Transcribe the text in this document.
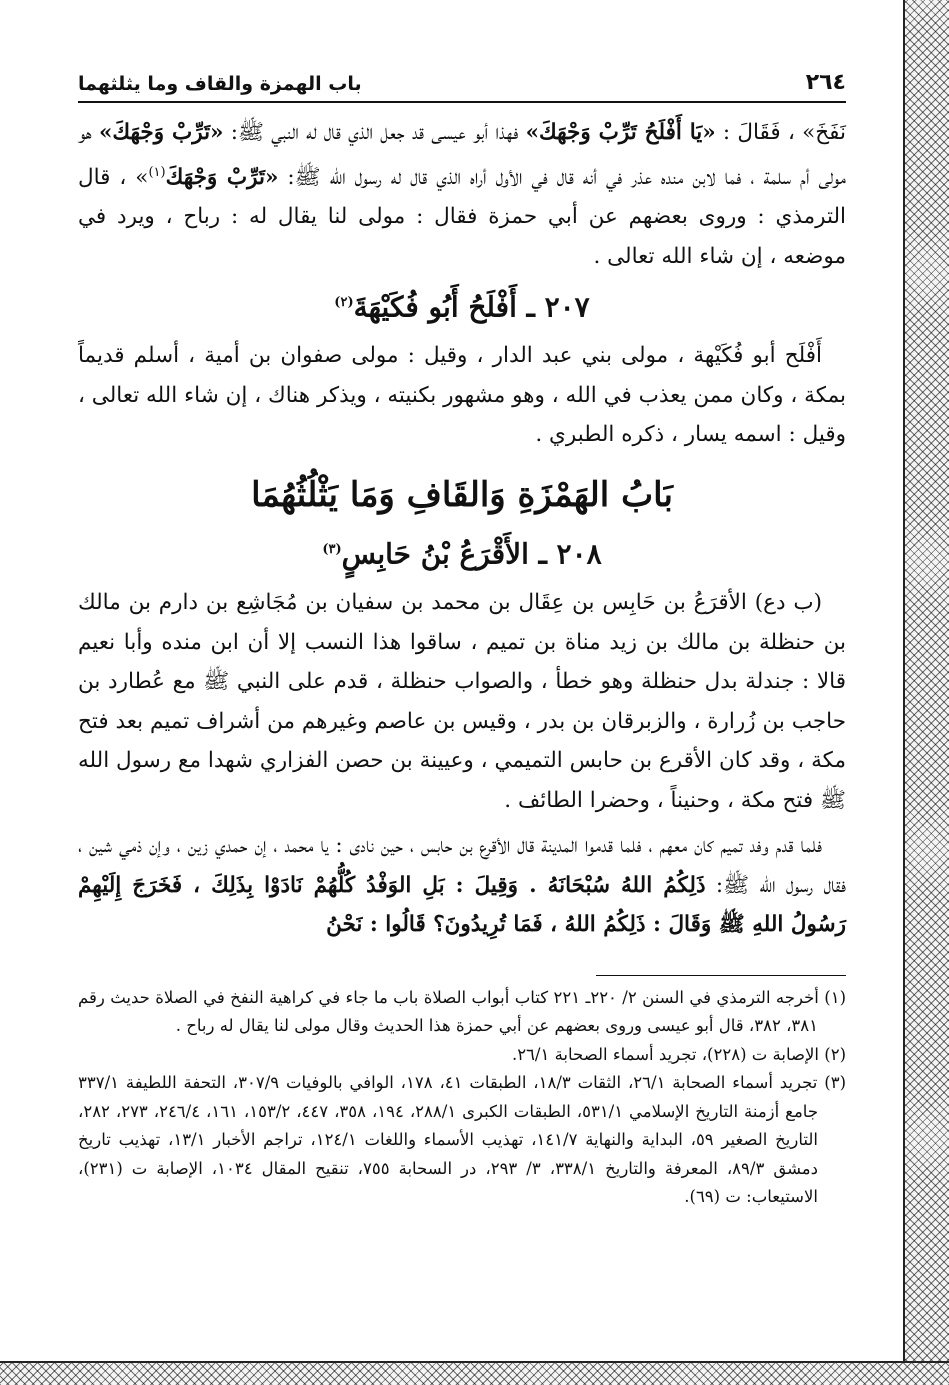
٢٦٤
باب الهمزة والقاف وما يثلثهما

نَفَخَ» ، فَقَالَ : «يَا أَفْلَحُ تَرِّبْ وَجْهَكَ» فهذا أبو عيسى قد جعل الذي قال له النبي ﷺ: «تَرِّبْ وَجْهَكَ» هو مولى أم سلمة ، فما لابن منده عذر في أنه قال في الأول أراه الذي قال له رسول الله ﷺ: «تَرِّبْ وَجْهَكَ$^{(١)}$» ، قال الترمذي : وروى بعضهم عن أبي حمزة فقال : مولى لنا يقال له : رباح ، ويرد في موضعه ، إن شاء الله تعالى .

٢٠٧ ـ أَفْلَحُ أَبُو فُكَيْهَةَ$^{(٢)}$

أَفْلَح أبو فُكَيْهة ، مولى بني عبد الدار ، وقيل : مولى صفوان بن أمية ، أسلم قديماً بمكة ، وكان ممن يعذب في الله ، وهو مشهور بكنيته ، ويذكر هناك ، إن شاء الله تعالى ، وقيل : اسمه يسار ، ذكره الطبري .

بَابُ الهَمْزَةِ وَالقَافِ وَمَا يَثْلُثُهُمَا
٢٠٨ ـ الأَقْرَعُ بْنُ حَابِسٍ$^{(٣)}$

(ب دع) الأقرَعُ بن حَابِس بن عِقَال بن محمد بن سفيان بن مُجَاشِع بن دارم بن مالك بن حنظلة بن مالك بن زيد مناة بن تميم ، ساقوا هذا النسب إلا أن ابن منده وأبا نعيم قالا : جندلة بدل حنظلة وهو خطأ ، والصواب حنظلة ، قدم على النبي ﷺ مع عُطارد بن حاجب بن زُرارة ، والزبرقان بن بدر ، وقيس بن عاصم وغيرهم من أشراف تميم بعد فتح مكة ، وقد كان الأقرع بن حابس التميمي ، وعيينة بن حصن الفزاري شهدا مع رسول الله ﷺ فتح مكة ، وحنيناً ، وحضرا الطائف .

فلما قدم وفد تميم كان معهم ، فلما قدموا المدينة قال الأقرع بن حابس ، حين نادى : يا محمد ، إن حمدي زين ، وإن ذمي شين ، فقال رسول الله ﷺ: ذَلِكُمُ اللهُ سُبْحَانَهُ . وَقِيلَ : بَلِ الوَفْدُ كُلُّهُمْ نَادَوْا بِذَلِكَ ، فَخَرَجَ إِلَيْهِمْ رَسُولُ اللهِ ﷺ وَقَالَ : ذَلِكُمُ اللهُ ، فَمَا تُرِيدُونَ؟ قَالُوا : نَحْنُ

(١) أخرجه الترمذي في السنن ٢/ ٢٢٠ـ ٢٢١ كتاب أبواب الصلاة باب ما جاء في كراهية النفخ في الصلاة حديث رقم ٣٨١، ٣٨٢، قال أبو عيسى وروى بعضهم عن أبي حمزة هذا الحديث وقال مولى لنا يقال له رباح .

(٢) الإصابة ت (٢٢٨)، تجريد أسماء الصحابة ٢٦/١.

(٣) تجريد أسماء الصحابة ٢٦/١، الثقات ١٨/٣، الطبقات ٤١، ١٧٨، الوافي بالوفيات ٣٠٧/٩، التحفة اللطيفة ٣٣٧/١ جامع أزمنة التاريخ الإسلامي ٥٣١/١، الطبقات الكبرى ٢٨٨/١، ١٩٤، ٣٥٨، ٤٤٧، ١٥٣/٢، ١٦١، ٢٤٦/٤، ٢٧٣، ٢٨٢، التاريخ الصغير ٥٩، البداية والنهاية ١٤١/٧، تهذيب الأسماء واللغات ١٢٤/١، تراجم الأخبار ١٣/١، تهذيب تاريخ دمشق ٨٩/٣، المعرفة والتاريخ ٣٣٨/١، ٣/ ٢٩٣، در السحابة ٧٥٥، تنقيح المقال ١٠٣٤، الإصابة ت (٢٣١)، الاستيعاب: ت (٦٩).
